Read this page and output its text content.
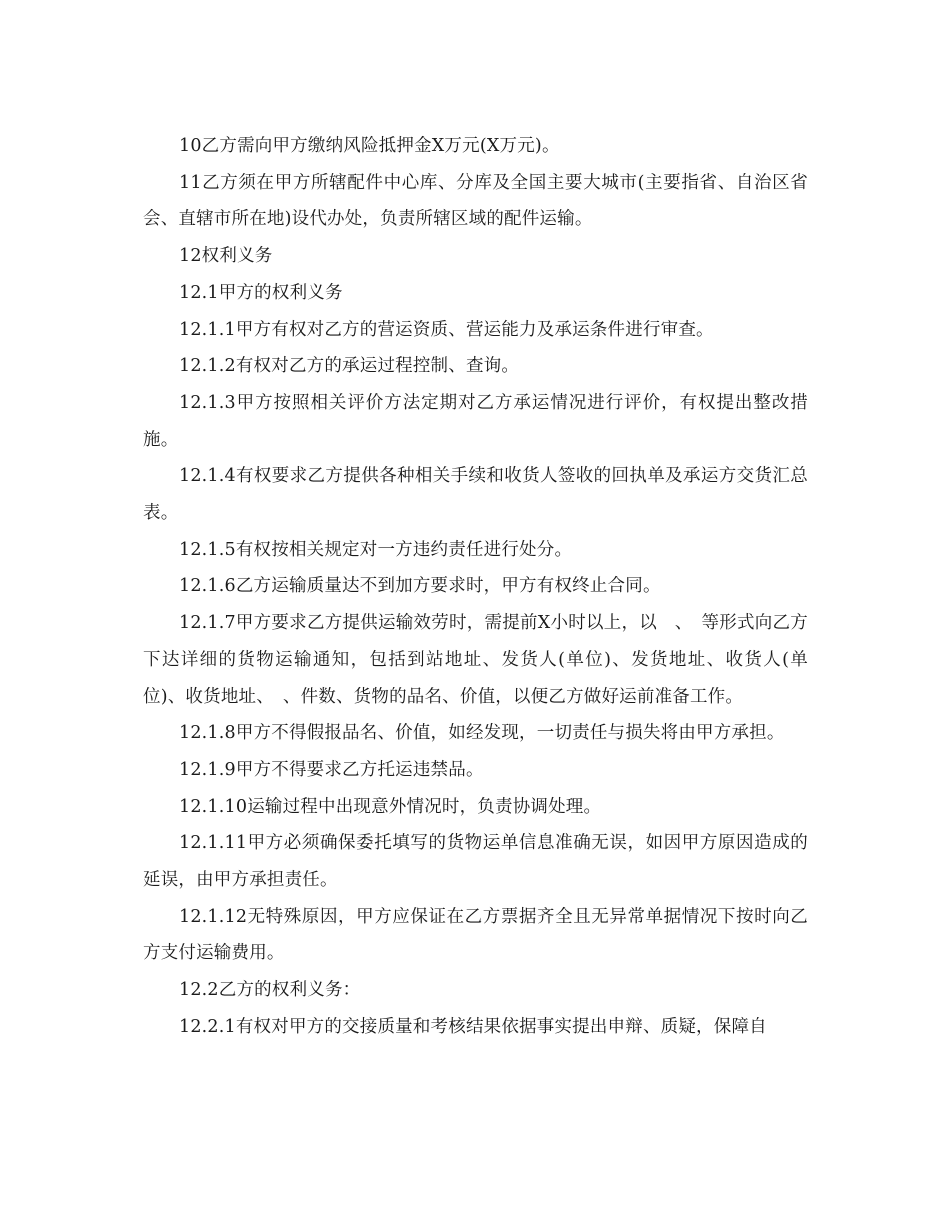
10乙方需向甲方缴纳风险抵押金X万元(X万元)。

11乙方须在甲方所辖配件中心库、分库及全国主要大城市(主要指省、自治区省会、直辖市所在地)设代办处，负责所辖区域的配件运输。

12权利义务

12.1甲方的权利义务

12.1.1甲方有权对乙方的营运资质、营运能力及承运条件进行审查。

12.1.2有权对乙方的承运过程控制、查询。

12.1.3甲方按照相关评价方法定期对乙方承运情况进行评价，有权提出整改措施。

12.1.4有权要求乙方提供各种相关手续和收货人签收的回执单及承运方交货汇总表。

12.1.5有权按相关规定对一方违约责任进行处分。

12.1.6乙方运输质量达不到加方要求时，甲方有权终止合同。

12.1.7甲方要求乙方提供运输效劳时，需提前X小时以上，以　、　等形式向乙方下达详细的货物运输通知，包括到站地址、发货人(单位)、发货地址、收货人(单位)、收货地址、　、件数、货物的品名、价值，以便乙方做好运前准备工作。

12.1.8甲方不得假报品名、价值，如经发现，一切责任与损失将由甲方承担。

12.1.9甲方不得要求乙方托运违禁品。

12.1.10运输过程中出现意外情况时，负责协调处理。

12.1.11甲方必须确保委托填写的货物运单信息准确无误，如因甲方原因造成的延误，由甲方承担责任。

12.1.12无特殊原因，甲方应保证在乙方票据齐全且无异常单据情况下按时向乙方支付运输费用。

12.2乙方的权利义务：

12.2.1有权对甲方的交接质量和考核结果依据事实提出申辩、质疑，保障自
